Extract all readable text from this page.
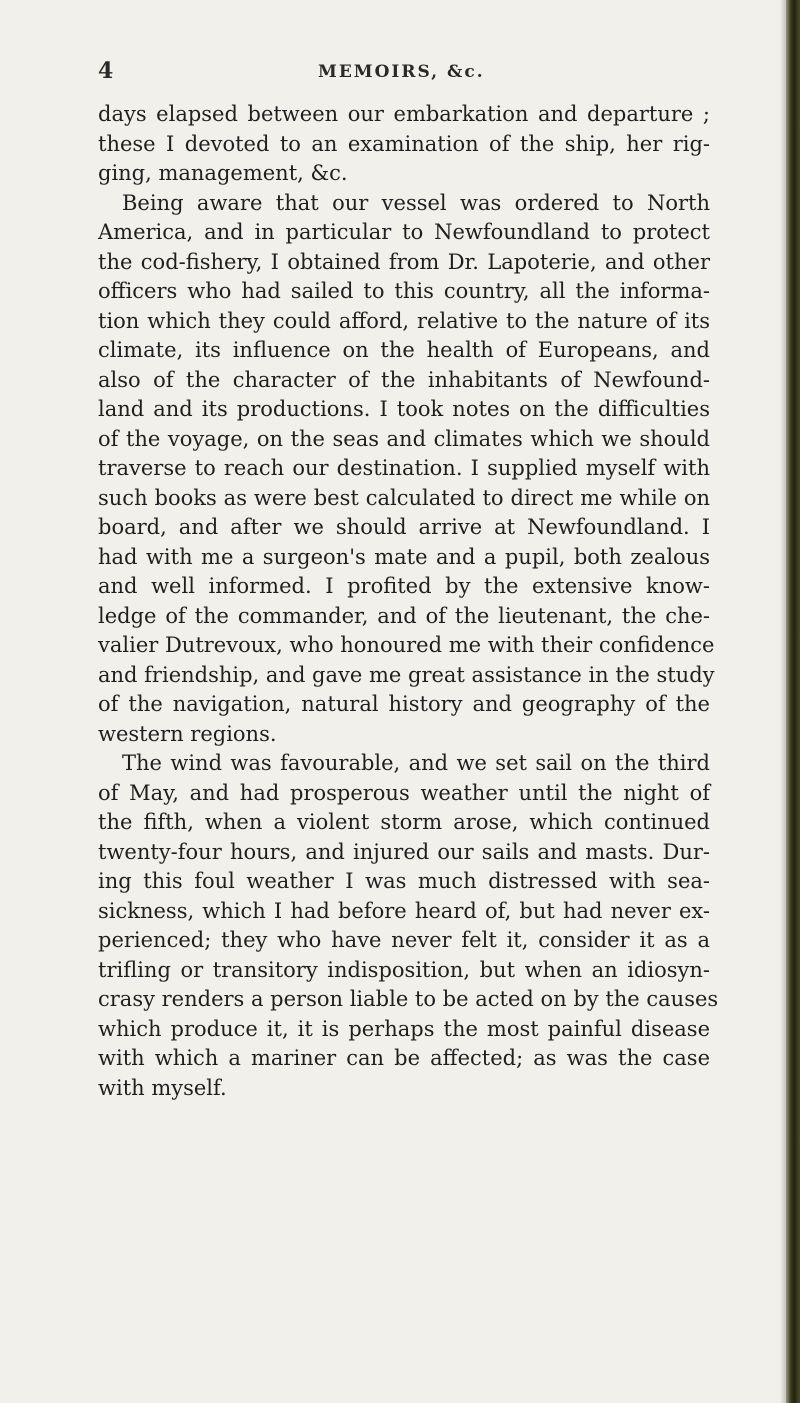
4	MEMOIRS, &c.
days elapsed between our embarkation and departure ;
these I devoted to an examination of the ship, her rig-
ging, management, &c.
Being aware that our vessel was ordered to North
America, and in particular to Newfoundland to protect
the cod-fishery, I obtained from Dr. Lapoterie, and other
officers who had sailed to this country, all the informa-
tion which they could afford, relative to the nature of its
climate, its influence on the health of Europeans, and
also of the character of the inhabitants of Newfound-
land and its productions. I took notes on the difficulties
of the voyage, on the seas and climates which we should
traverse to reach our destination. I supplied myself with
such books as were best calculated to direct me while on
board, and after we should arrive at Newfoundland. I
had with me a surgeon's mate and a pupil, both zealous
and well informed. I profited by the extensive know-
ledge of the commander, and of the lieutenant, the che-
valier Dutrevoux, who honoured me with their confidence
and friendship, and gave me great assistance in the study
of the navigation, natural history and geography of the
western regions.
The wind was favourable, and we set sail on the third
of May, and had prosperous weather until the night of
the fifth, when a violent storm arose, which continued
twenty-four hours, and injured our sails and masts. Dur-
ing this foul weather I was much distressed with sea-
sickness, which I had before heard of, but had never ex-
perienced; they who have never felt it, consider it as a
trifling or transitory indisposition, but when an idiosyn-
crasy renders a person liable to be acted on by the causes
which produce it, it is perhaps the most painful disease
with which a mariner can be affected; as was the case
with myself.
